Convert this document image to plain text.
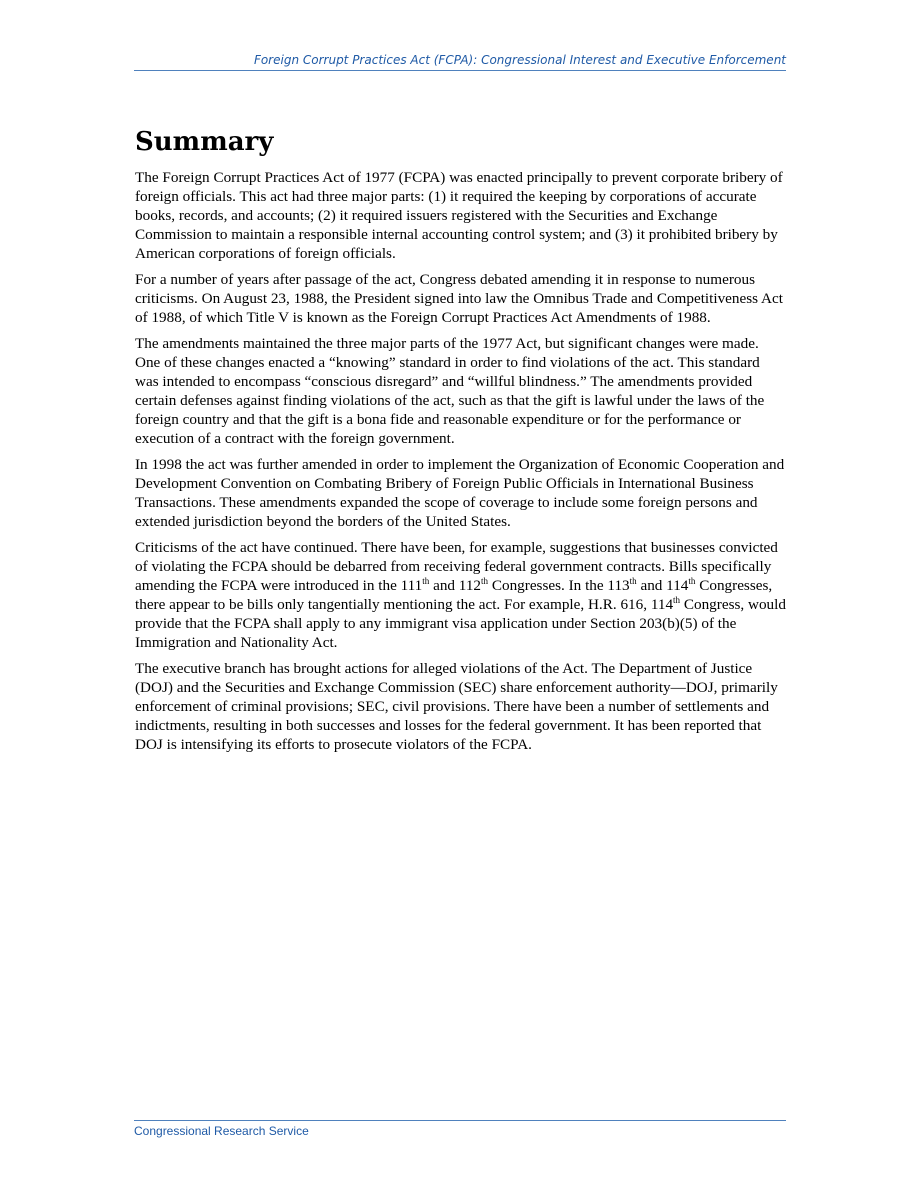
Foreign Corrupt Practices Act (FCPA): Congressional Interest and Executive Enforcement
Summary

The Foreign Corrupt Practices Act of 1977 (FCPA) was enacted principally to prevent corporate bribery of foreign officials. This act had three major parts: (1) it required the keeping by corporations of accurate books, records, and accounts; (2) it required issuers registered with the Securities and Exchange Commission to maintain a responsible internal accounting control system; and (3) it prohibited bribery by American corporations of foreign officials.

For a number of years after passage of the act, Congress debated amending it in response to numerous criticisms. On August 23, 1988, the President signed into law the Omnibus Trade and Competitiveness Act of 1988, of which Title V is known as the Foreign Corrupt Practices Act Amendments of 1988.

The amendments maintained the three major parts of the 1977 Act, but significant changes were made. One of these changes enacted a “knowing” standard in order to find violations of the act. This standard was intended to encompass “conscious disregard” and “willful blindness.” The amendments provided certain defenses against finding violations of the act, such as that the gift is lawful under the laws of the foreign country and that the gift is a bona fide and reasonable expenditure or for the performance or execution of a contract with the foreign government.

In 1998 the act was further amended in order to implement the Organization of Economic Cooperation and Development Convention on Combating Bribery of Foreign Public Officials in International Business Transactions. These amendments expanded the scope of coverage to include some foreign persons and extended jurisdiction beyond the borders of the United States.

Criticisms of the act have continued. There have been, for example, suggestions that businesses convicted of violating the FCPA should be debarred from receiving federal government contracts. Bills specifically amending the FCPA were introduced in the 111th and 112th Congresses. In the 113th and 114th Congresses, there appear to be bills only tangentially mentioning the act. For example, H.R. 616, 114th Congress, would provide that the FCPA shall apply to any immigrant visa application under Section 203(b)(5) of the Immigration and Nationality Act.

The executive branch has brought actions for alleged violations of the Act. The Department of Justice (DOJ) and the Securities and Exchange Commission (SEC) share enforcement authority—DOJ, primarily enforcement of criminal provisions; SEC, civil provisions. There have been a number of settlements and indictments, resulting in both successes and losses for the federal government. It has been reported that DOJ is intensifying its efforts to prosecute violators of the FCPA.

Congressional Research Service
